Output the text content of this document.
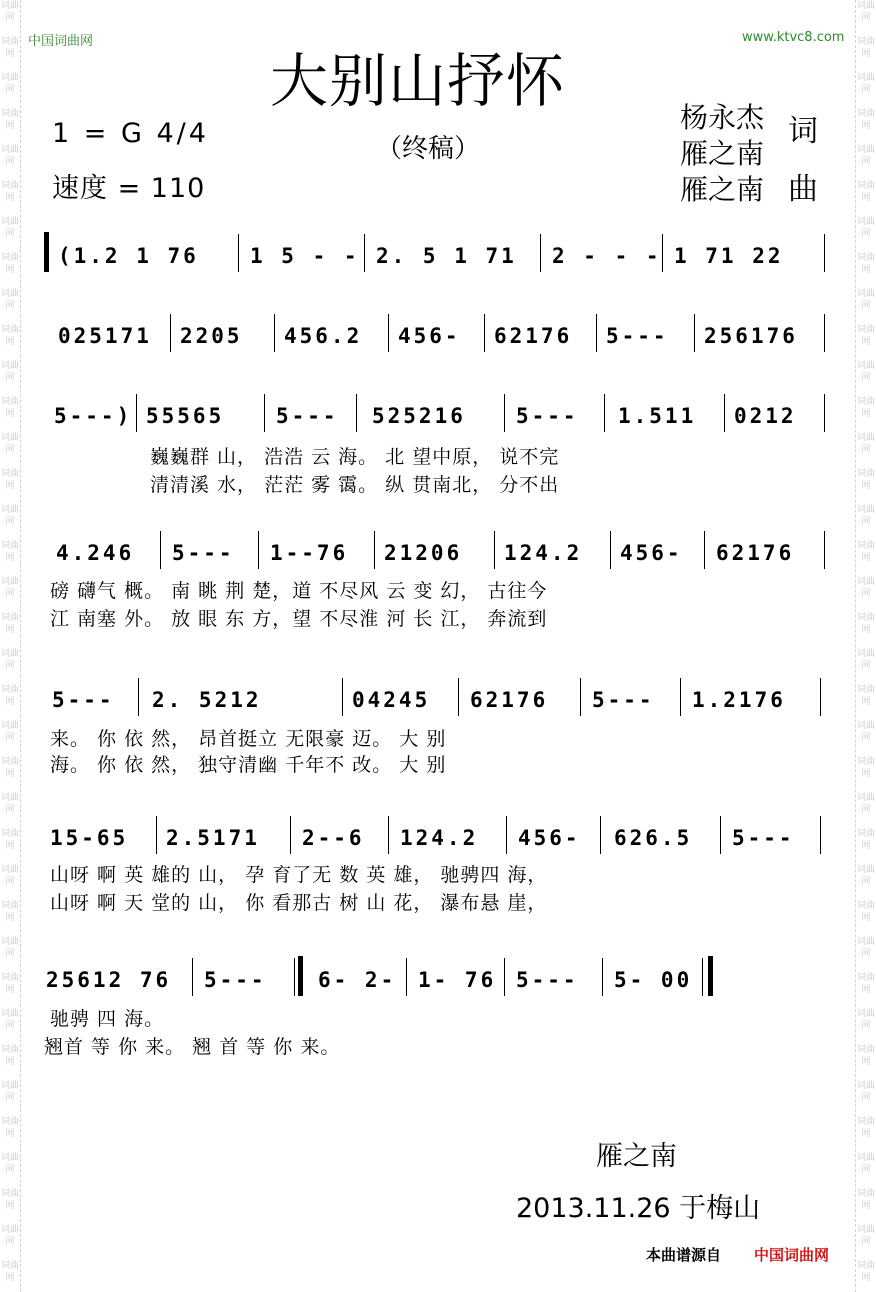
词曲网

词曲网

词曲网

词曲网

词曲网

词曲网

词曲网

词曲网

词曲网

词曲网

词曲网

词曲网

词曲网

词曲网

词曲网

词曲网

词曲网

词曲网

词曲网

词曲网

词曲网

词曲网

词曲网

词曲网

词曲网

词曲网

词曲网

词曲网

词曲网

词曲网

词曲网

词曲网

词曲网

词曲网

词曲网

词曲网

词曲网

词曲网

词曲网

词曲网

词曲网

词曲网

词曲网

词曲网

词曲网

词曲网

词曲网

词曲网

词曲网

词曲网

词曲网

词曲网

词曲网

词曲网

词曲网

词曲网

词曲网

词曲网

词曲网

词曲网

词曲网

词曲网

词曲网

词曲网

词曲网

词曲网

词曲网

词曲网

词曲网

词曲网

词曲网

词曲网

中国词曲网	www.ktvc8.com
大别山抒怀
（终稿）
1 = G 4/4
速度 = 110
杨永杰 词
雁之南
雁之南 曲
(1.2 1 76 1 5 - - 2. 5 1 71 2 - - - 1 71 22
025171 2205 456.2 456- 62176 5--- 256176
5---) 55565 5--- 525216 5--- 1.511 0212
巍巍群 山， 浩浩 云 海。 北 望中原， 说不完
清清溪 水， 茫茫 雾 霭。 纵 贯南北， 分不出
4.246 5--- 1--76 21206 124.2 456- 62176
磅 礴气 概。 南 眺 荆 楚，道 不尽风 云 变 幻， 古往今
江 南塞 外。 放 眼 东 方，望 不尽淮 河 长 江， 奔流到
5--- 2. 5212	04245 62176 5--- 1.2176
来。 你 依 然， 昂首挺立 无限豪 迈。 大 别
海。 你 依 然， 独守清幽 千年不 改。 大 别
15-65 2.5171 2--6 124.2 456- 626.5 5---
山呀 啊 英 雄的 山， 孕 育了无 数 英 雄， 驰骋四 海，
山呀 啊 天 堂的 山， 你 看那古 树 山 花， 瀑布悬 崖，
25612 76 5--- 6- 2- 1- 76 5--- 5- 00
驰骋 四 海。
翘首 等 你 来。 翘 首 等 你 来。
雁之南
2013.11.26 于梅山
本曲谱源自 中国词曲网
